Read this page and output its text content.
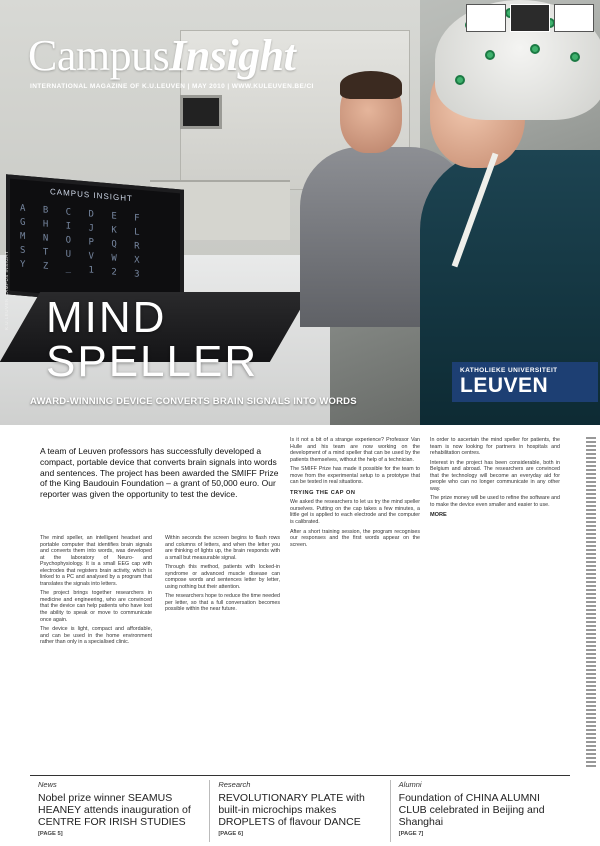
CAMPUS INSIGHT
A B C D E F
G H I J K L
M N O P Q R
S T U V W X
Y Z _ 1 2 3
CampusInsight
INTERNATIONAL MAGAZINE OF K.U.LEUVEN | MAY 2010 | WWW.KULEUVEN.BE/CI
MIND
SPELLER
AWARD-WINNING DEVICE CONVERTS BRAIN SIGNALS INTO WORDS
K.U.LEUVEN CAMPUS INSIGHT
KATHOLIEKE UNIVERSITEIT
LEUVEN
A team of Leuven professors has successfully developed a compact, portable device that converts brain signals into words and sentences. The project has been awarded the SMIFF Prize of the King Baudouin Foundation – a grant of 50,000 euro. Our reporter was given the opportunity to test the device.

The mind speller, an intelligent headset and portable computer that identifies brain signals and converts them into words, was developed at the laboratory of Neuro- and Psychophysiology. It is a small EEG cap with electrodes that registers brain activity, which is linked to a PC and analysed by a program that translates the signals into letters.

The project brings together researchers in medicine and engineering, who are convinced that the device can help patients who have lost the ability to speak or move to communicate once again.

The device is light, compact and affordable, and can be used in the home environment rather than only in a specialised clinic.

Within seconds the screen begins to flash rows and columns of letters, and when the letter you are thinking of lights up, the brain responds with a small but measurable signal.

Through this method, patients with locked-in syndrome or advanced muscle disease can compose words and sentences letter by letter, using nothing but their attention.

The researchers hope to reduce the time needed per letter, so that a full conversation becomes possible within the near future.

Is it not a bit of a strange experience? Professor Van Hulle and his team are now working on the development of a mind speller that can be used by the patients themselves, without the help of a technician.

The SMIFF Prize has made it possible for the team to move from the experimental setup to a prototype that can be tested in real situations.

TRYING THE CAP ON

We asked the researchers to let us try the mind speller ourselves. Putting on the cap takes a few minutes, a little gel is applied to each electrode and the computer is calibrated.

After a short training session, the program recognises our responses and the first words appear on the screen.

In order to ascertain the mind speller for patients, the team is now looking for partners in hospitals and rehabilitation centres.

Interest in the project has been considerable, both in Belgium and abroad. The researchers are convinced that the technology will become an everyday aid for people who can no longer communicate in any other way.

The prize money will be used to refine the software and to make the device even smaller and easier to use.

MORE
News
Nobel prize winner SEAMUS HEANEY attends inauguration of CENTRE FOR IRISH STUDIES
[PAGE 5]
Research
REVOLUTIONARY PLATE with built-in microchips makes DROPLETS of flavour DANCE
[PAGE 6]
Alumni
Foundation of CHINA ALUMNI CLUB celebrated in Beijing and Shanghai
[PAGE 7]
